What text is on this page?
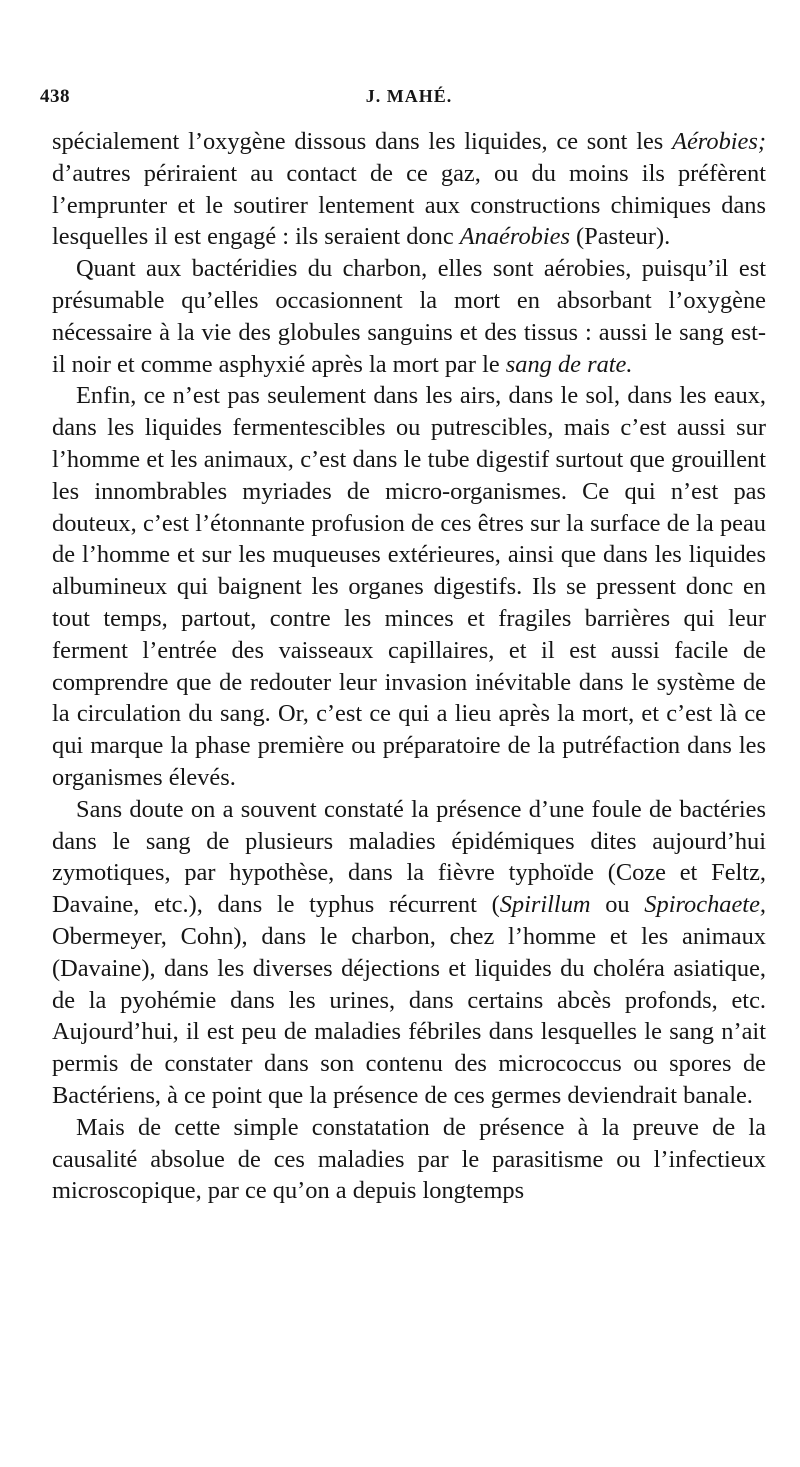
438	J. MAHÉ.

spécialement l’oxygène dissous dans les liquides, ce sont les Aérobies; d’autres périraient au contact de ce gaz, ou du moins ils préfèrent l’emprunter et le soutirer lentement aux constructions chimiques dans lesquelles il est engagé : ils seraient donc Anaérobies (Pasteur).

Quant aux bactéridies du charbon, elles sont aérobies, puisqu’il est présumable qu’elles occasionnent la mort en absorbant l’oxygène nécessaire à la vie des globules sanguins et des tissus : aussi le sang est-il noir et comme asphyxié après la mort par le sang de rate.

Enfin, ce n’est pas seulement dans les airs, dans le sol, dans les eaux, dans les liquides fermentescibles ou putrescibles, mais c’est aussi sur l’homme et les animaux, c’est dans le tube digestif surtout que grouillent les innombrables myriades de micro-organismes. Ce qui n’est pas douteux, c’est l’étonnante profusion de ces êtres sur la surface de la peau de l’homme et sur les muqueuses extérieures, ainsi que dans les liquides albumineux qui baignent les organes digestifs. Ils se pressent donc en tout temps, partout, contre les minces et fragiles barrières qui leur ferment l’entrée des vaisseaux capillaires, et il est aussi facile de comprendre que de redouter leur invasion inévitable dans le système de la circulation du sang. Or, c’est ce qui a lieu après la mort, et c’est là ce qui marque la phase première ou préparatoire de la putréfaction dans les organismes élevés.

Sans doute on a souvent constaté la présence d’une foule de bactéries dans le sang de plusieurs maladies épidémiques dites aujourd’hui zymotiques, par hypothèse, dans la fièvre typhoïde (Coze et Feltz, Davaine, etc.), dans le typhus récurrent (Spirillum ou Spirochaete, Obermeyer, Cohn), dans le charbon, chez l’homme et les animaux (Davaine), dans les diverses déjections et liquides du choléra asiatique, de la pyohémie dans les urines, dans certains abcès profonds, etc. Aujourd’hui, il est peu de maladies fébriles dans lesquelles le sang n’ait permis de constater dans son contenu des micrococcus ou spores de Bactériens, à ce point que la présence de ces germes deviendrait banale.

Mais de cette simple constatation de présence à la preuve de la causalité absolue de ces maladies par le parasitisme ou l’infectieux microscopique, par ce qu’on a depuis longtemps
